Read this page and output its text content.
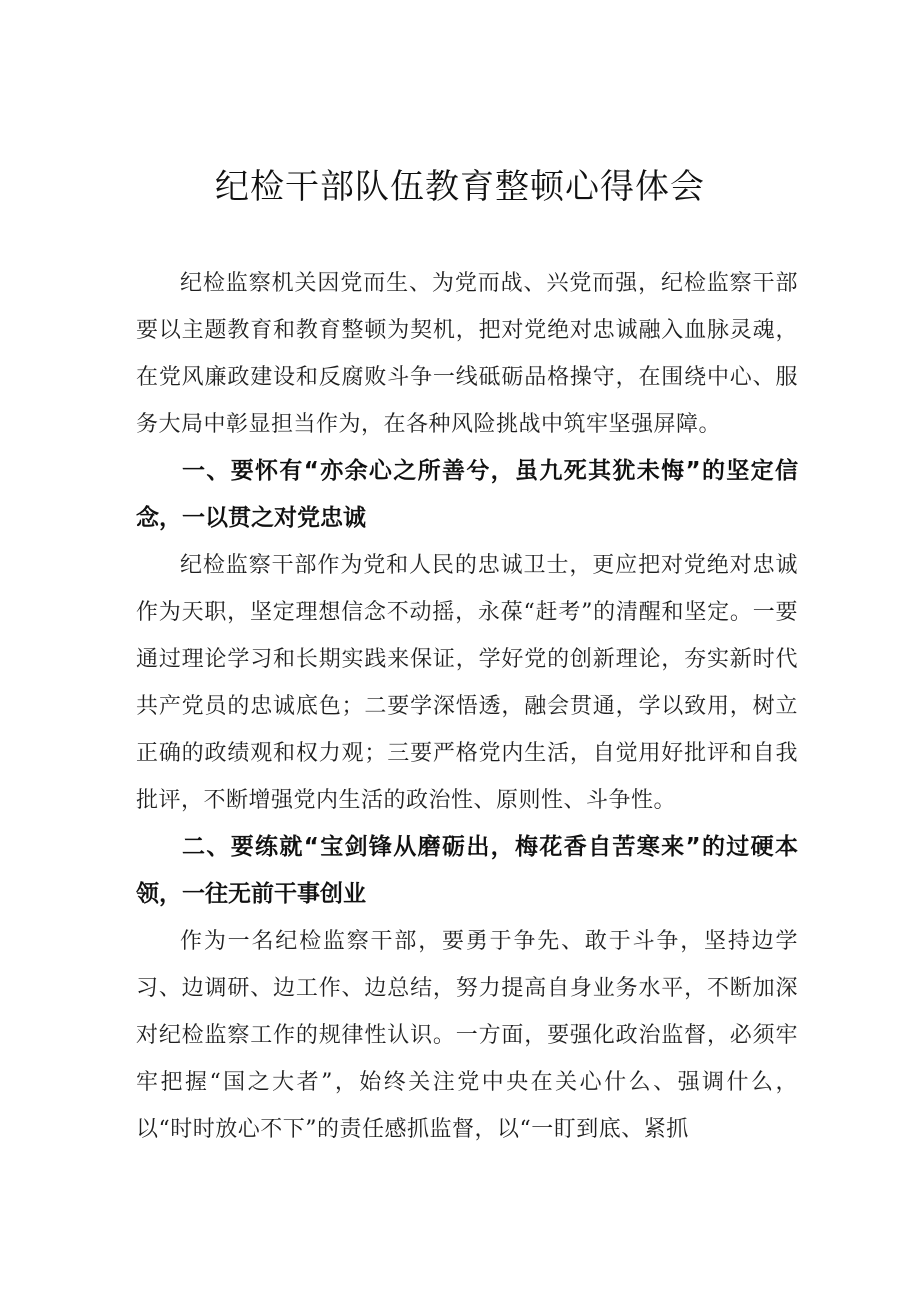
纪检干部队伍教育整顿心得体会

纪检监察机关因党而生、为党而战、兴党而强，纪检监察干部要以主题教育和教育整顿为契机，把对党绝对忠诚融入血脉灵魂，在党风廉政建设和反腐败斗争一线砥砺品格操守，在围绕中心、服务大局中彰显担当作为，在各种风险挑战中筑牢坚强屏障。

一、要怀有“亦余心之所善兮，虽九死其犹未悔”的坚定信念，一以贯之对党忠诚

纪检监察干部作为党和人民的忠诚卫士，更应把对党绝对忠诚作为天职，坚定理想信念不动摇，永葆“赶考”的清醒和坚定。一要通过理论学习和长期实践来保证，学好党的创新理论，夯实新时代共产党员的忠诚底色；二要学深悟透，融会贯通，学以致用，树立正确的政绩观和权力观；三要严格党内生活，自觉用好批评和自我批评，不断增强党内生活的政治性、原则性、斗争性。

二、要练就“宝剑锋从磨砺出，梅花香自苦寒来”的过硬本领，一往无前干事创业

作为一名纪检监察干部，要勇于争先、敢于斗争，坚持边学习、边调研、边工作、边总结，努力提高自身业务水平，不断加深对纪检监察工作的规律性认识。一方面，要强化政治监督，必须牢牢把握“国之大者”，始终关注党中央在关心什么、强调什么，以“时时放心不下”的责任感抓监督，以“一盯到底、紧抓
